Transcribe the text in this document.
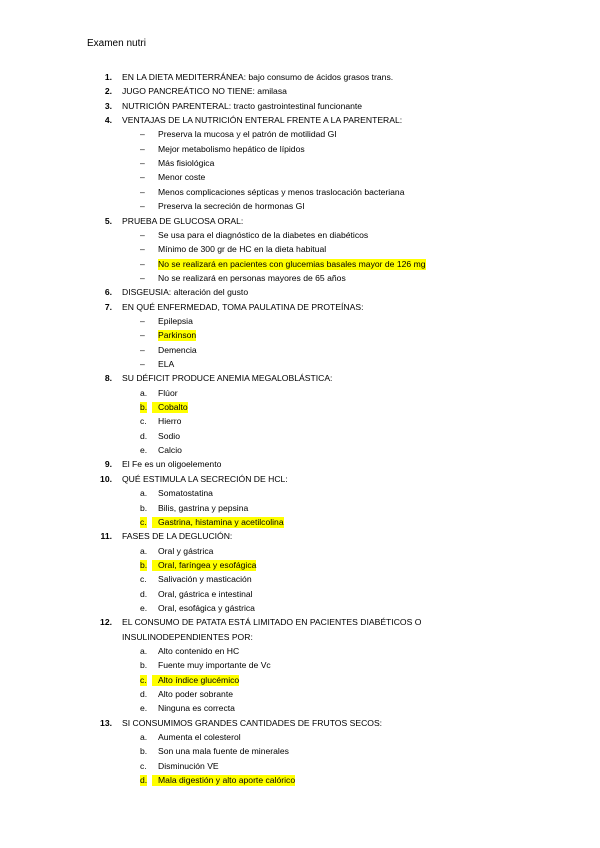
Examen nutri
1. EN LA DIETA MEDITERRÁNEA: bajo consumo de ácidos grasos trans.
2. JUGO PANCREÁTICO NO TIENE: amilasa
3. NUTRICIÓN PARENTERAL: tracto gastrointestinal funcionante
4. VENTAJAS DE LA NUTRICIÓN ENTERAL FRENTE A LA PARENTERAL:
– Preserva la mucosa y el patrón de motilidad GI
– Mejor metabolismo hepático de lípidos
– Más fisiológica
– Menor coste
– Menos complicaciones sépticas y menos traslocación bacteriana
– Preserva la secreción de hormonas GI
5. PRUEBA DE GLUCOSA ORAL:
– Se usa para el diagnóstico de la diabetes en diabéticos
– Mínimo de 300 gr de HC en la dieta habitual
– No se realizará en pacientes con glucemias basales mayor de 126 mg
– No se realizará en personas mayores de 65 años
6. DISGEUSIA: alteración del gusto
7. EN QUÉ ENFERMEDAD, TOMA PAULATINA DE PROTEÍNAS:
– Epilepsia
– Parkinson
– Demencia
– ELA
8. SU DÉFICIT PRODUCE ANEMIA MEGALOBLÁSTICA:
a. Flúor
b.	Cobalto
c. Hierro
d. Sodio
e. Calcio
9. El Fe es un oligoelemento
10. QUÉ ESTIMULA LA SECRECIÓN DE HCL:
a. Somatostatina
b. Bilis, gastrina y pepsina
c.	Gastrina, histamina y acetilcolina
11. FASES DE LA DEGLUCIÓN:
a. Oral y gástrica
b.	Oral, faríngea y esofágica
c. Salivación y masticación
d. Oral, gástrica e intestinal
e. Oral, esofágica y gástrica
12. EL CONSUMO DE PATATA ESTÁ LIMITADO EN PACIENTES DIABÉTICOS O
INSULINODEPENDIENTES POR:
a. Alto contenido en HC
b. Fuente muy importante de Vc
c.	Alto índice glucémico
d. Alto poder sobrante
e. Ninguna es correcta
13. SI CONSUMIMOS GRANDES CANTIDADES DE FRUTOS SECOS:
a. Aumenta el colesterol
b. Son una mala fuente de minerales
c. Disminución VE
d.	Mala digestión y alto aporte calórico
